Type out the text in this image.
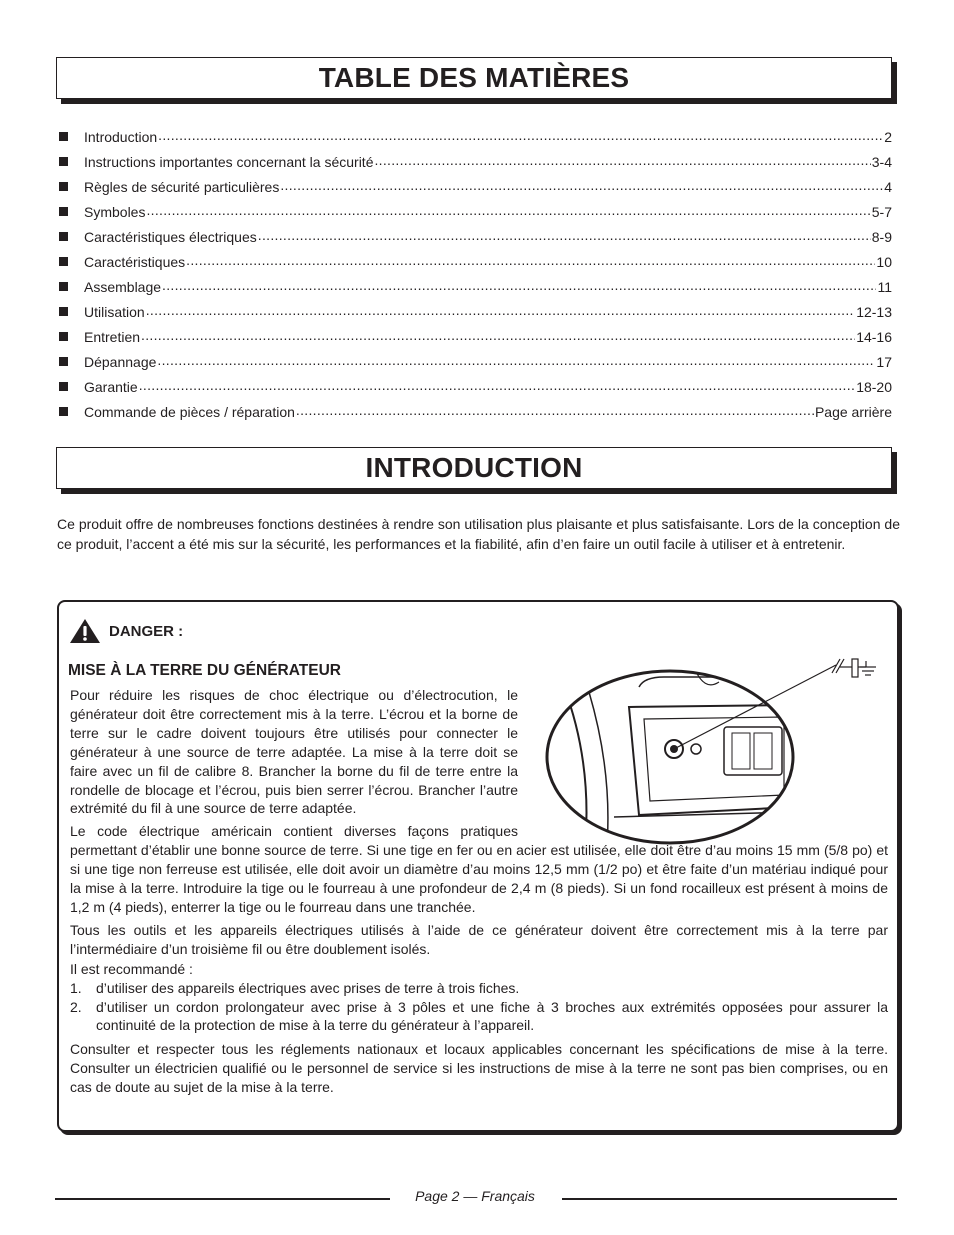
TABLE DES MATIÈRES
Introduction .....	2
Instructions importantes concernant la sécurité .....	3-4
Règles de sécurité particulières .....	4
Symboles .....	5-7
Caractéristiques électriques .....	8-9
Caractéristiques .....	10
Assemblage .....	11
Utilisation .....	12-13
Entretien .....	14-16
Dépannage .....	17
Garantie .....	18-20
Commande de pièces / réparation .....	Page arrière
INTRODUCTION

Ce produit offre de nombreuses fonctions destinées à rendre son utilisation plus plaisante et plus satisfaisante. Lors de la conception de ce produit, l’accent a été mis sur la sécurité, les performances et la fiabilité, afin d’en faire un outil facile à utiliser et à entretenir.

DANGER :
MISE À LA TERRE DU GÉNÉRATEUR

Pour réduire les risques de choc électrique ou d’électrocution, le générateur doit être correctement mis à la terre. L’écrou et la borne de terre sur le cadre doivent toujours être utilisés pour connecter le générateur à une source de terre adaptée. La mise à la terre doit se faire avec un fil de calibre 8. Brancher la borne du fil de terre entre la rondelle de blocage et l’écrou, puis bien serrer l’écrou. Brancher l’autre extrémité du fil à une source de terre adaptée.

Le code électrique américain contient diverses façons pratiques permettant d’établir une bonne source de terre. Si une tige en fer ou en acier est utilisée, elle doit être d’au moins 15 mm (5/8 po) et si une tige non ferreuse est utilisée, elle doit avoir un diamètre d’au moins 12,5 mm (1/2 po) et être faite d’un matériau indiqué pour la mise à la terre. Introduire la tige ou le fourreau à une profondeur de 2,4 m (8 pieds). Si un fond rocailleux est présent à moins de 1,2 m (4 pieds), enterrer la tige ou le fourreau dans une tranchée.

Tous les outils et les appareils électriques utilisés à l’aide de ce générateur doivent être correctement mis à la terre par l’intermédiaire d’un troisième fil ou être doublement isolés.

Il est recommandé :

1.	d’utiliser des appareils électriques avec prises de terre à trois fiches.
2.	d’utiliser un cordon prolongateur avec prise à 3 pôles et une fiche à 3 broches aux extrémités opposées pour assurer la continuité de la protection de mise à la terre du générateur à l’appareil.

Consulter et respecter tous les réglements nationaux et locaux applicables concernant les spécifications de mise à la terre. Consulter un électricien qualifié ou le personnel de service si les instructions de mise à la terre ne sont pas bien comprises, ou en cas de doute au sujet de la mise à la terre.

Page 2 — Français
